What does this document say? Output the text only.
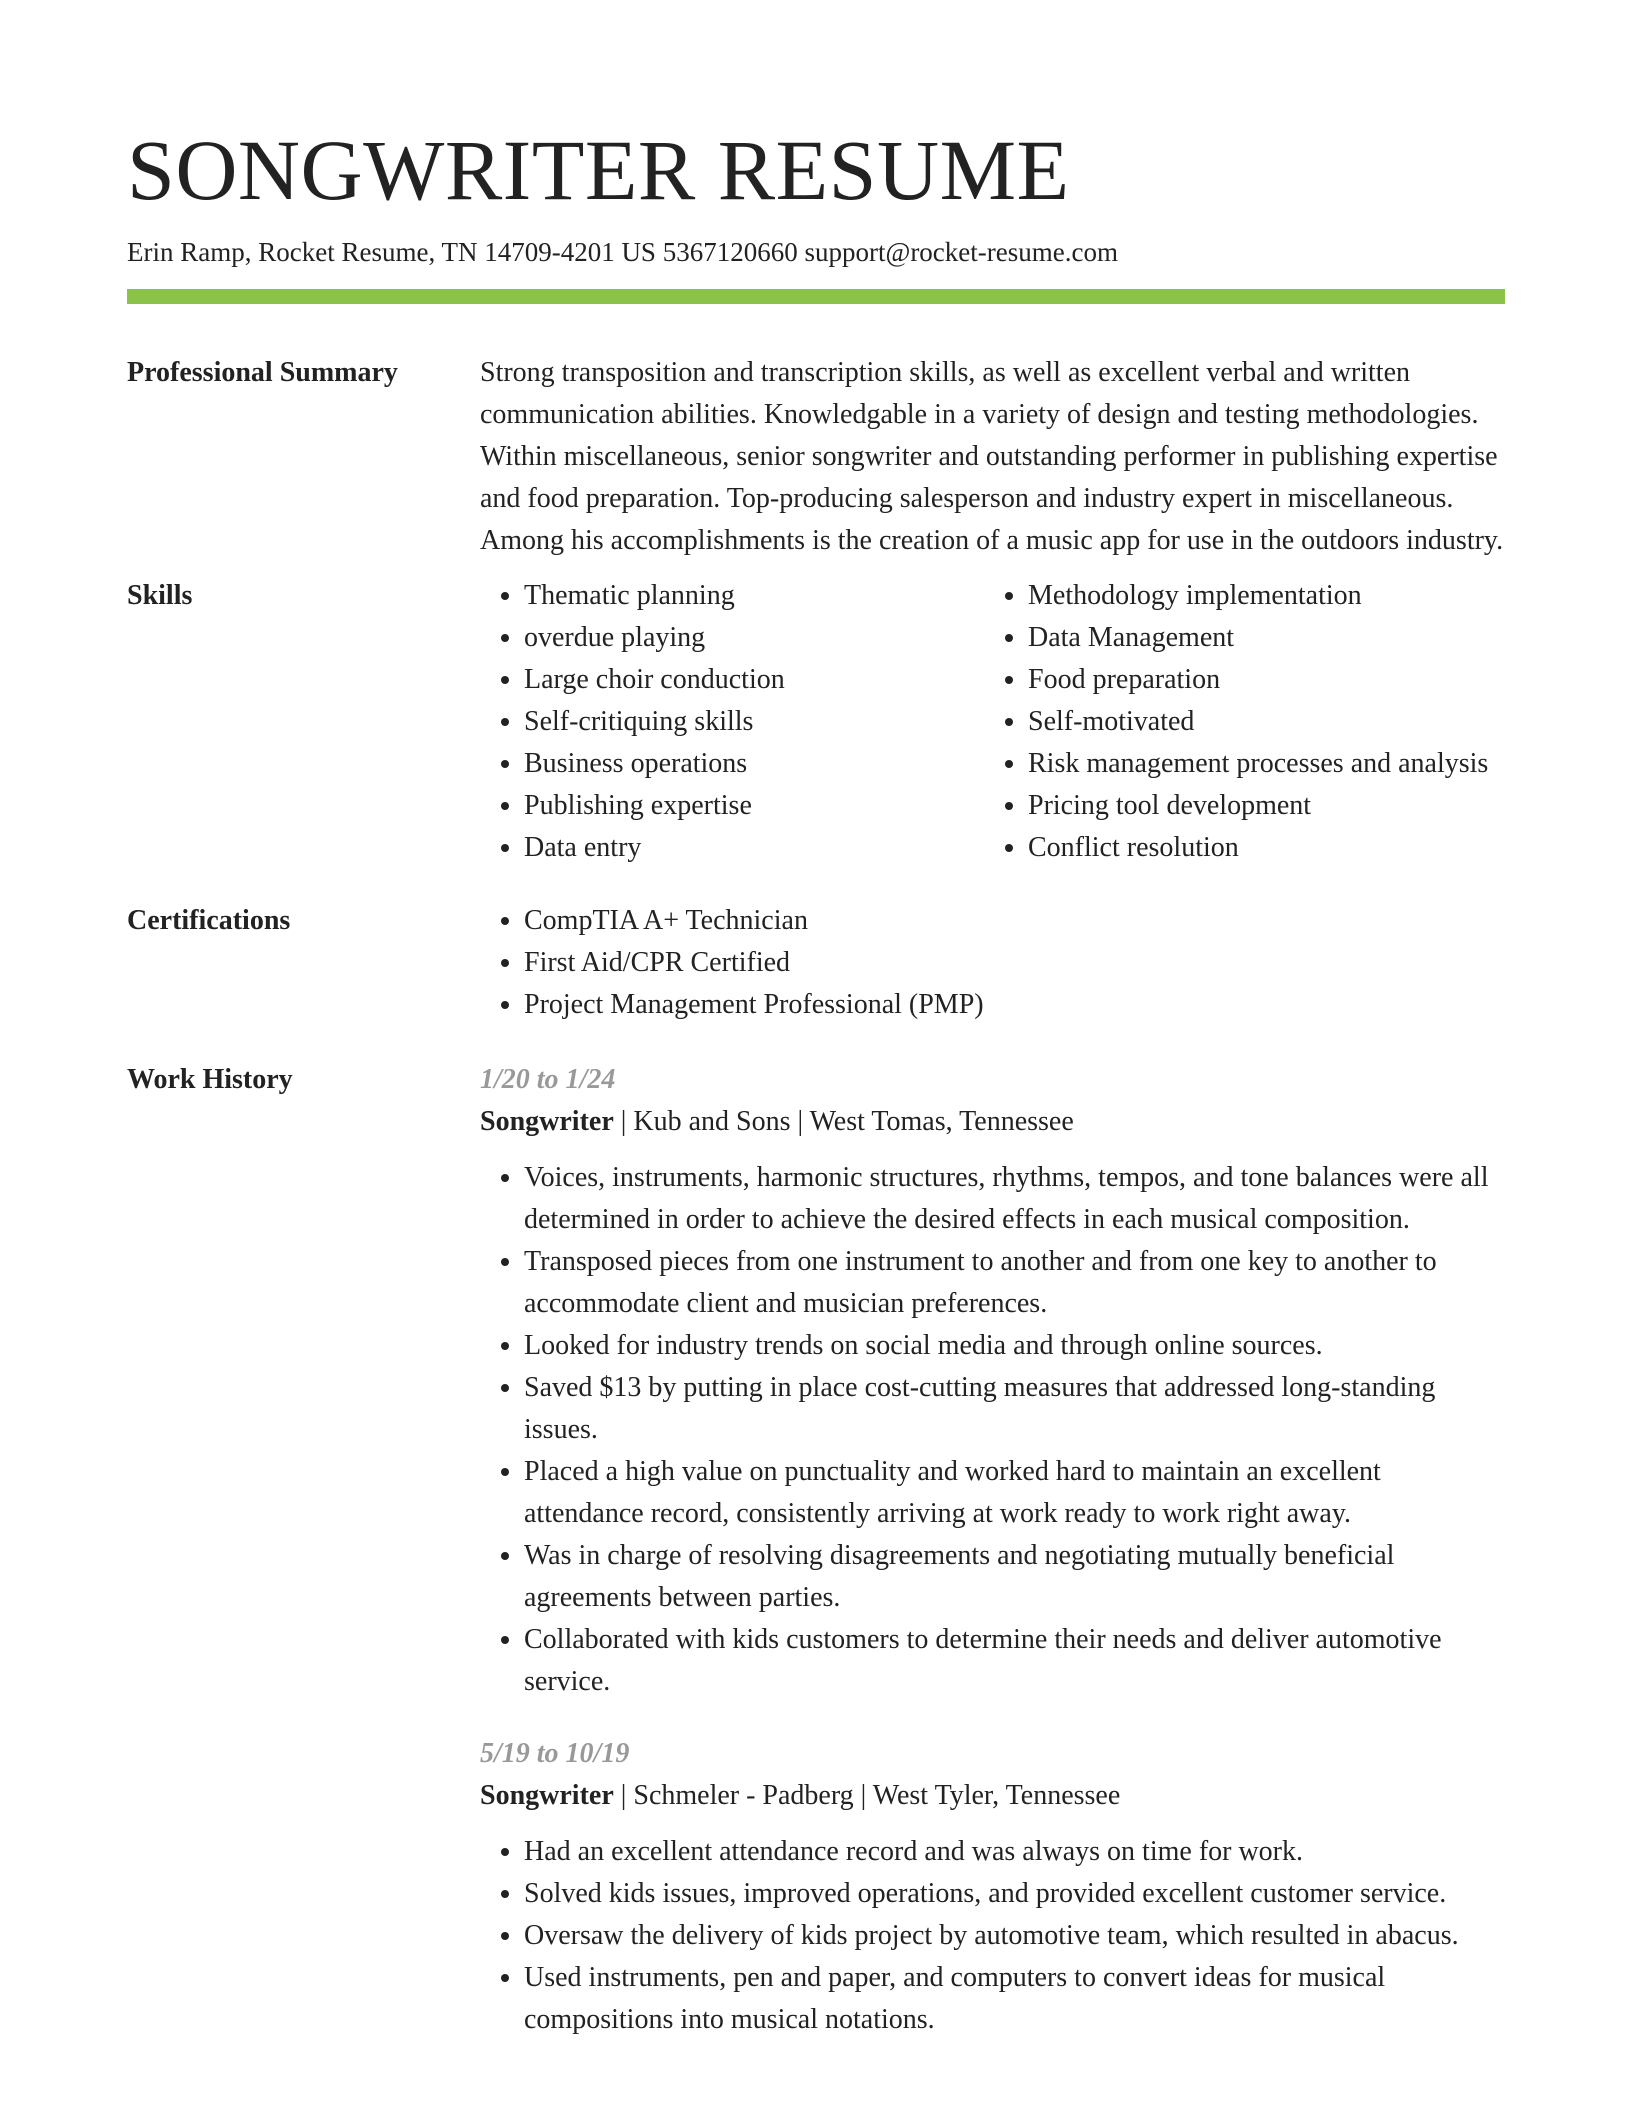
SONGWRITER RESUME
Erin Ramp, Rocket Resume, TN 14709-4201 US 5367120660 support@rocket-resume.com
Professional Summary	Strong transposition and transcription skills, as well as excellent verbal and written communication abilities. Knowledgable in a variety of design and testing methodologies. Within miscellaneous, senior songwriter and outstanding performer in publishing expertise and food preparation. Top-producing salesperson and industry expert in miscellaneous. Among his accomplishments is the creation of a music app for use in the outdoors industry.
Skills	• Thematic planning
• overdue playing
• Large choir conduction
• Self-critiquing skills
• Business operations
• Publishing expertise
• Data entry
• Methodology implementation
• Data Management
• Food preparation
• Self-motivated
• Risk management processes and analysis
• Pricing tool development
• Conflict resolution
Certifications	• CompTIA A+ Technician
• First Aid/CPR Certified
• Project Management Professional (PMP)
Work History	1/20 to 1/24
Songwriter | Kub and Sons | West Tomas, Tennessee
• Voices, instruments, harmonic structures, rhythms, tempos, and tone balances were all determined in order to achieve the desired effects in each musical composition.
• Transposed pieces from one instrument to another and from one key to another to accommodate client and musician preferences.
• Looked for industry trends on social media and through online sources.
• Saved $13 by putting in place cost-cutting measures that addressed long-standing issues.
• Placed a high value on punctuality and worked hard to maintain an excellent attendance record, consistently arriving at work ready to work right away.
• Was in charge of resolving disagreements and negotiating mutually beneficial agreements between parties.
• Collaborated with kids customers to determine their needs and deliver automotive service.
5/19 to 10/19
Songwriter | Schmeler - Padberg | West Tyler, Tennessee
• Had an excellent attendance record and was always on time for work.
• Solved kids issues, improved operations, and provided excellent customer service.
• Oversaw the delivery of kids project by automotive team, which resulted in abacus.
• Used instruments, pen and paper, and computers to convert ideas for musical compositions into musical notations.
